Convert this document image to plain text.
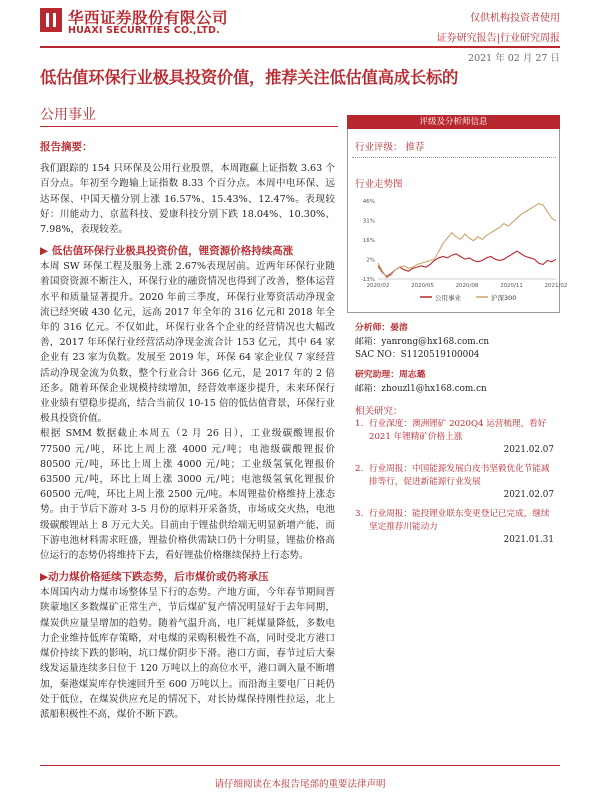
华西证券股份有限公司
HUAXI SECURITIES CO.,LTD.
仅供机构投资者使用
证券研究报告|行业研究周报
2021 年 02 月 27 日
低估值环保行业极具投资价值，推荐关注低估值高成长标的
公用事业
报告摘要：

我们跟踪的 154 只环保及公用行业股票，本周跑赢上证指数 3.63 个百分点。年初至今跑输上证指数 8.33 个百分点。本周中电环保、远达环保、中国天楹分别上涨 16.57%、15.43%、12.47%。表现较好：川能动力、京蓝科技、爱康科技分别下跌 18.04%、10.30%、7.98%，表现较差。

▶ 低估值环保行业极具投资价值，锂资源价格持续高涨

本周 SW 环保工程及服务上涨 2.67%表现居前。近两年环保行业随着国资资源不断注入，环保行业的融资情况也得到了改善，整体运营水平和质量显著提升。2020 年前三季度，环保行业筹资活动净现金流已经突破 430 亿元，远高 2017 年全年的 316 亿元和 2018 年全年的 316 亿元。不仅如此，环保行业各个企业的经营情况也大幅改善，2017 年环保行业经营活动净现金流合计 153 亿元，其中 64 家企业有 23 家为负数。发展至 2019 年，环保 64 家企业仅 7 家经营活动净现金流为负数，整个行业合计 366 亿元，是 2017 年的 2 倍还多。随着环保企业规模持续增加，经营效率逐步提升，未来环保行业业绩有望稳步提高，结合当前仅 10-15 倍的低估值背景，环保行业极具投资价值。

根据 SMM 数据截止本周五（2 月 26 日），工业级碳酸锂报价 77500 元/吨，环比上周上涨 4000 元/吨；电池级碳酸锂报价 80500 元/吨，环比上周上涨 4000 元/吨；工业级氢氧化锂报价 63500 元/吨，环比上周上涨 3000 元/吨；电池级氢氧化锂报价 60500 元/吨，环比上周上涨 2500 元/吨。本周锂盐价格维持上涨态势。由于节后下游对 3-5 月份的原料开采备货，市场成交火热，电池级碳酸锂站上 8 万元大关。目前由于锂盐供给端无明显新增产能，而下游电池材料需求旺盛，锂盐价格供需缺口仍十分明显，锂盐价格高位运行的态势仍将维持下去，看好锂盐价格继续保持上行态势。

▶动力煤价格延续下跌态势，后市煤价或仍将承压

本周国内动力煤市场整体呈下行的态势。产地方面，今年春节期间晋陕蒙地区多数煤矿正常生产，节后煤矿复产情况明显好于去年同期，煤炭供应量呈增加的趋势。随着气温升高，电厂耗煤量降低，多数电力企业维持低库存策略，对电煤的采购积极性不高，同时受北方港口煤价持续下跌的影响，坑口煤价阴步下滑。港口方面，春节过后大秦线发运量连续多日位于 120 万吨以上的高位水平，港口调入量不断增加，秦港煤炭库存快速回升至 600 万吨以上。而沿海主要电厂日耗仍处于低位，在煤炭供应充足的情况下，对长协煤保持刚性拉运，北上派船积极性不高，煤价不断下跌。

评级及分析师信息
行业评级： 推荐
行业走势图
46%
31%
16%
2%
-13%
2020/02	2020/05	2020/08	2020/11	2021/02
公用事业	沪深300
分析师：晏溶
邮箱：yanrong@hx168.com.cn
SAC NO：S1120519100004
研究助理：周志璐
邮箱：zhouzl1@hx168.com.cn
相关研究：
1. 行业深度：澳洲锂矿 2020Q4 运营梳理，看好 2021 年锂精矿价格上涨
2021.02.07
2. 行业周报：中国能源发展白皮书坚毅优化节能减排等行，促进新能源行业发展
2021.02.07
3. 行业周报：能投锂业联东变更登记已完成，继续坚定推荐川能动力
2021.01.31
请仔细阅读在本报告尾部的重要法律声明
